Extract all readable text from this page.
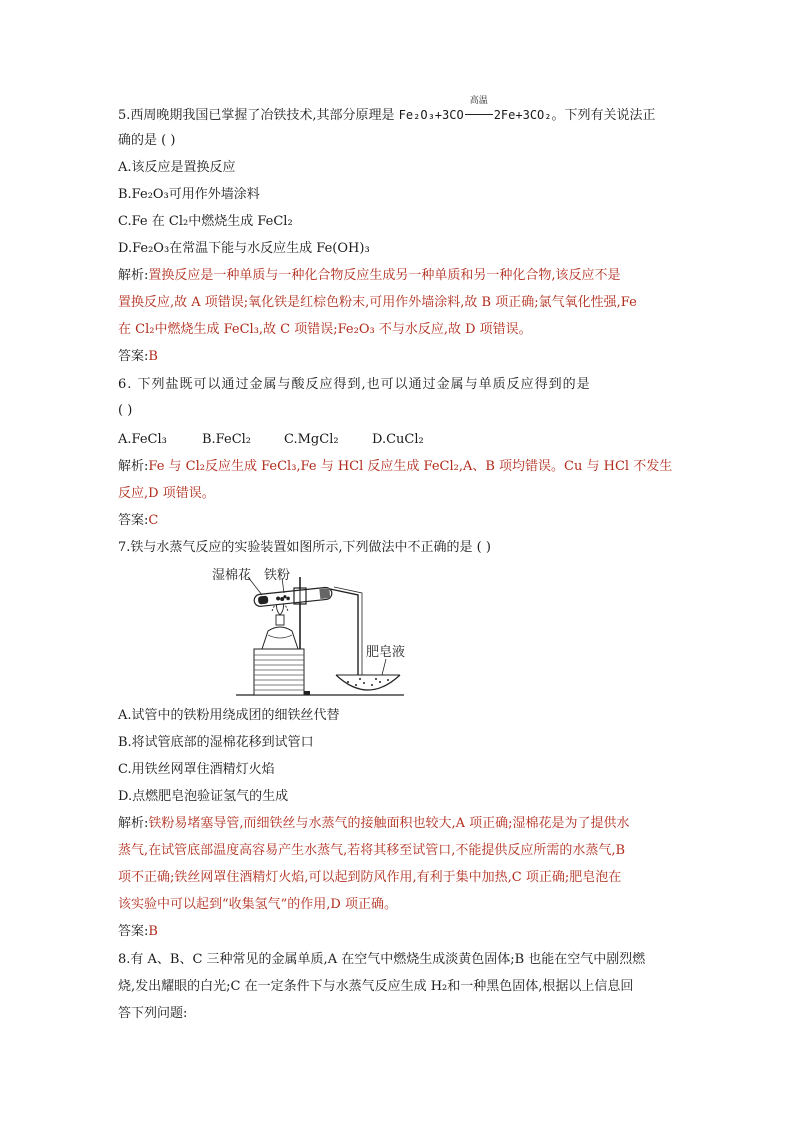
5.西周晚期我国已掌握了冶铁技术,其部分原理是 Fe₂O₃+3CO
高温
2Fe+3CO₂。下列有关说法正
确的是 ( )
A.该反应是置换反应
B.Fe₂O₃可用作外墙涂料
C.Fe 在 Cl₂中燃烧生成 FeCl₂
D.Fe₂O₃在常温下能与水反应生成 Fe(OH)₃
解析:置换反应是一种单质与一种化合物反应生成另一种单质和另一种化合物,该反应不是
置换反应,故 A 项错误;氧化铁是红棕色粉末,可用作外墙涂料,故 B 项正确;氯气氧化性强,Fe
在 Cl₂中燃烧生成 FeCl₃,故 C 项错误;Fe₂O₃ 不与水反应,故 D 项错误。
答案:B
6. 下列盐既可以通过金属与酸反应得到,也可以通过金属与单质反应得到的是
( )
A.FeCl₃	B.FeCl₂	C.MgCl₂	D.CuCl₂
解析:Fe 与 Cl₂反应生成 FeCl₃,Fe 与 HCl 反应生成 FeCl₂,A、B 项均错误。Cu 与 HCl 不发生
反应,D 项错误。
答案:C
7.铁与水蒸气反应的实验装置如图所示,下列做法中不正确的是 ( )
湿棉花 铁粉
肥皂液
A.试管中的铁粉用绕成团的细铁丝代替
B.将试管底部的湿棉花移到试管口
C.用铁丝网罩住酒精灯火焰
D.点燃肥皂泡验证氢气的生成
解析:铁粉易堵塞导管,而细铁丝与水蒸气的接触面积也较大,A 项正确;湿棉花是为了提供水
蒸气,在试管底部温度高容易产生水蒸气,若将其移至试管口,不能提供反应所需的水蒸气,B
项不正确;铁丝网罩住酒精灯火焰,可以起到防风作用,有利于集中加热,C 项正确;肥皂泡在
该实验中可以起到“收集氢气”的作用,D 项正确。
答案:B
8.有 A、B、C 三种常见的金属单质,A 在空气中燃烧生成淡黄色固体;B 也能在空气中剧烈燃
烧,发出耀眼的白光;C 在一定条件下与水蒸气反应生成 H₂和一种黑色固体,根据以上信息回
答下列问题:
